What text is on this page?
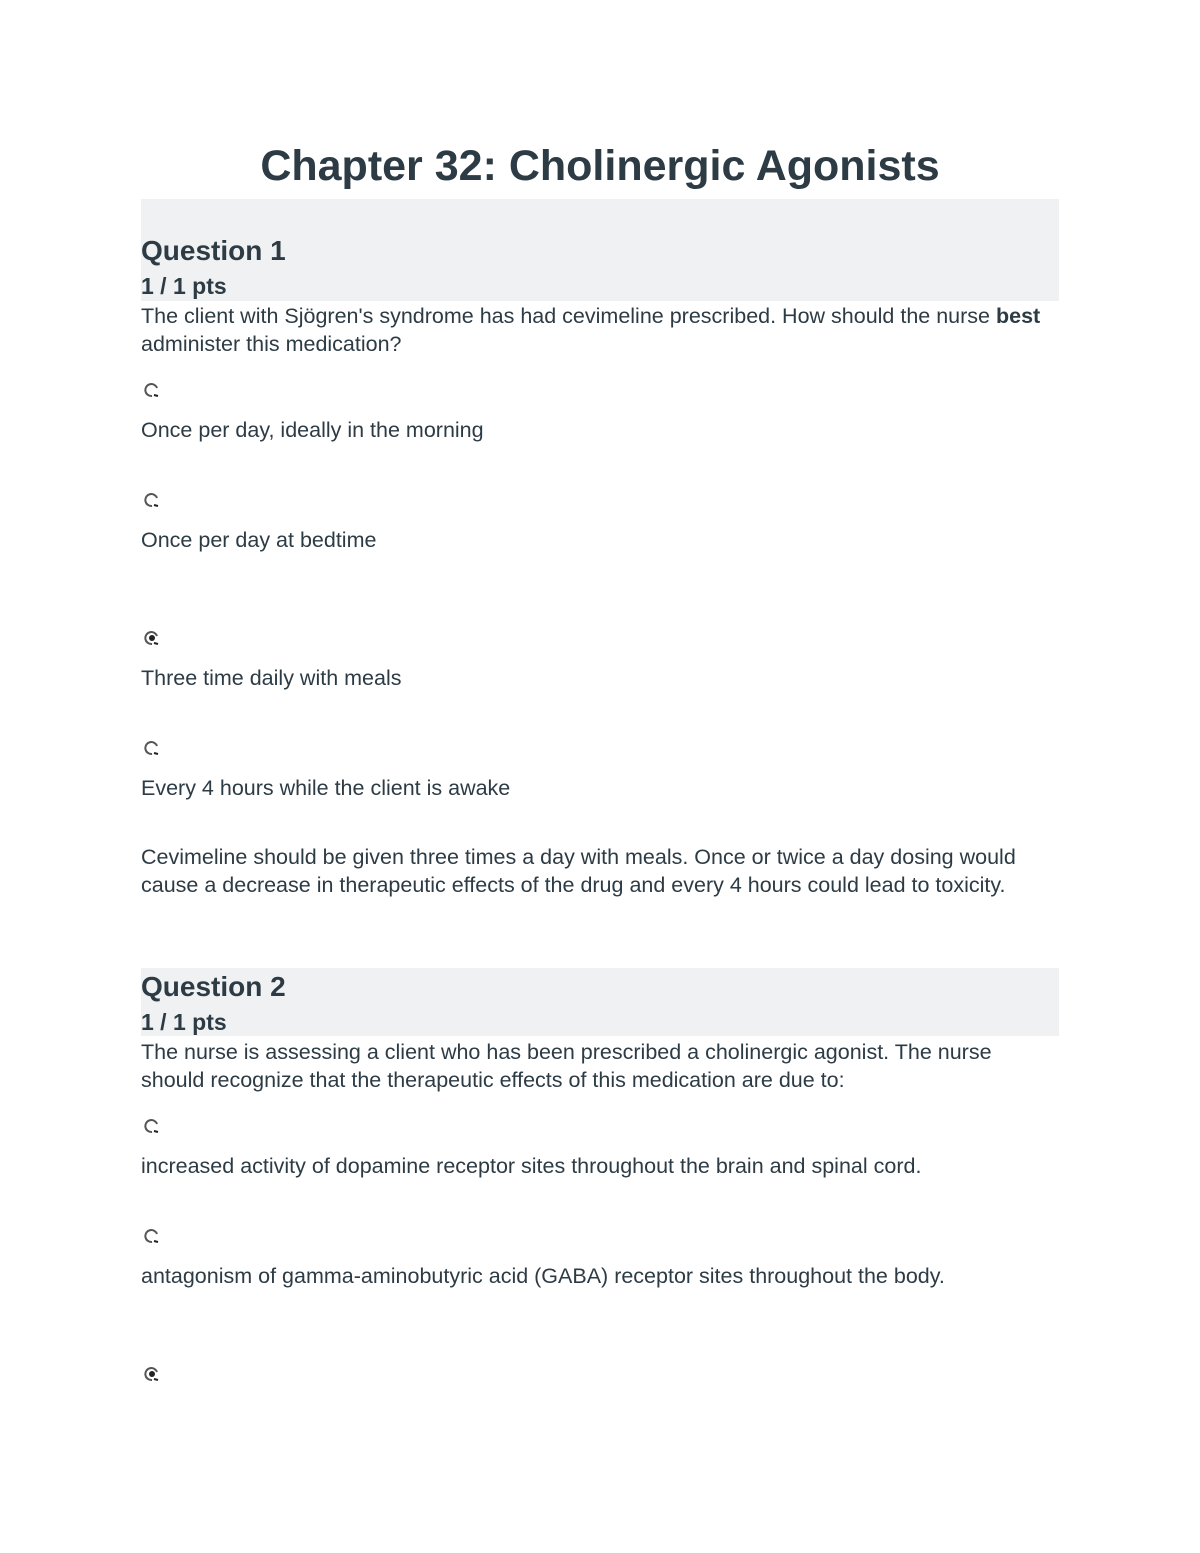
Chapter 32: Cholinergic Agonists
Question 1
1 / 1 pts

The client with Sjögren's syndrome has had cevimeline prescribed. How should the nurse best administer this medication?

Once per day, ideally in the morning
Once per day at bedtime
Three time daily with meals
Every 4 hours while the client is awake

Cevimeline should be given three times a day with meals. Once or twice a day dosing would cause a decrease in therapeutic effects of the drug and every 4 hours could lead to toxicity.

Question 2
1 / 1 pts

The nurse is assessing a client who has been prescribed a cholinergic agonist. The nurse should recognize that the therapeutic effects of this medication are due to:

increased activity of dopamine receptor sites throughout the brain and spinal cord.
antagonism of gamma-aminobutyric acid (GABA) receptor sites throughout the body.
